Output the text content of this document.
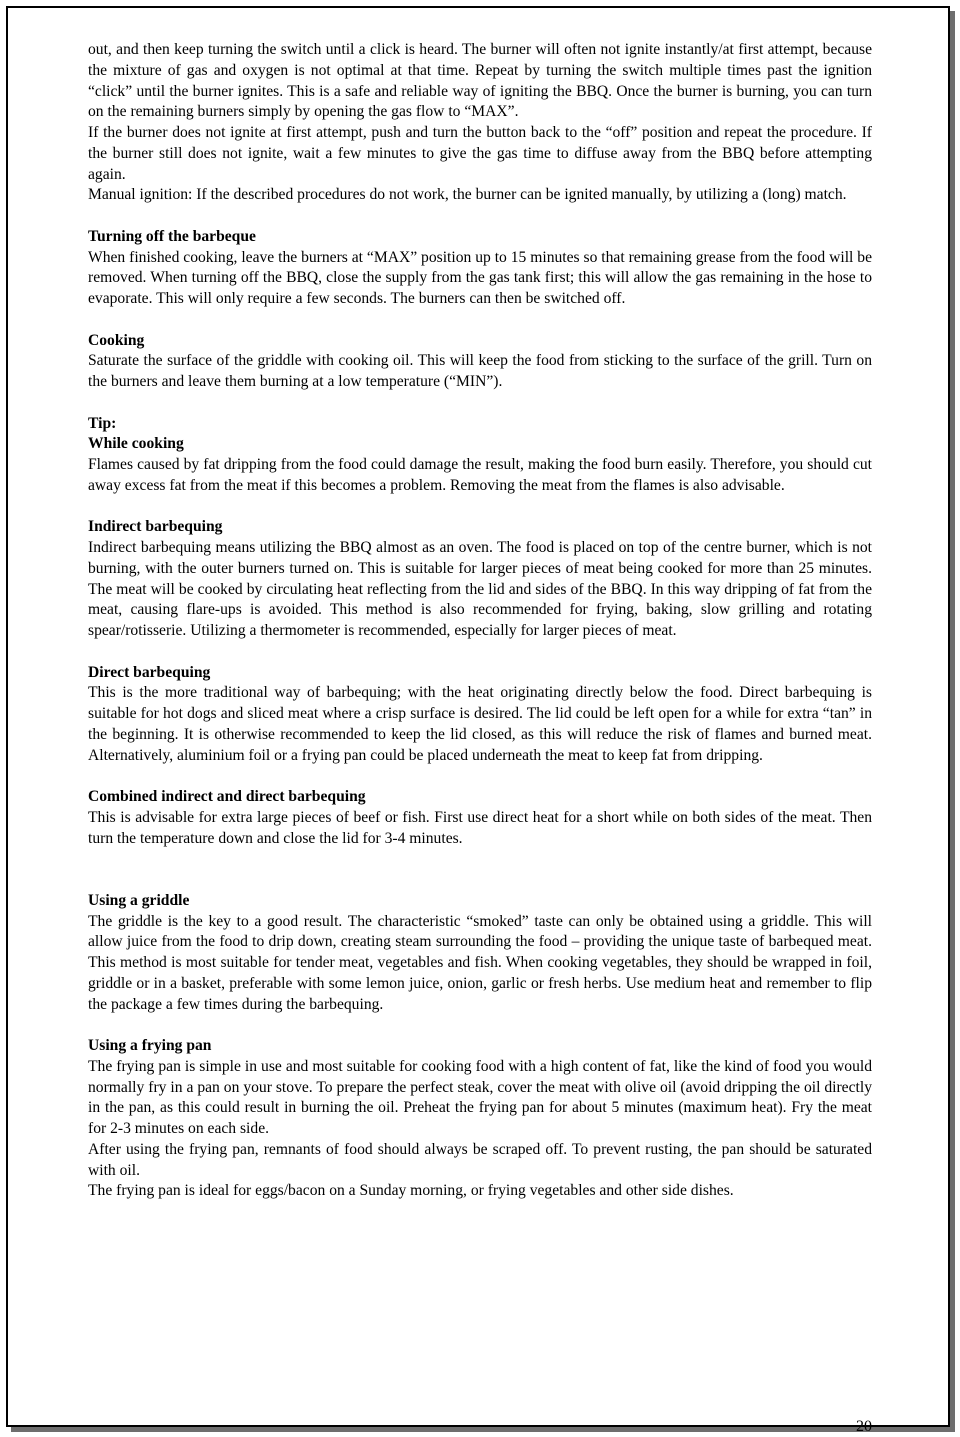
out, and then keep turning the switch until a click is heard. The burner will often not ignite instantly/at first attempt, because the mixture of gas and oxygen is not optimal at that time. Repeat by turning the switch multiple times past the ignition “click” until the burner ignites. This is a safe and reliable way of igniting the BBQ. Once the burner is burning, you can turn on the remaining burners simply by opening the gas flow to “MAX”.

If the burner does not ignite at first attempt, push and turn the button back to the “off” position and repeat the procedure. If the burner still does not ignite, wait a few minutes to give the gas time to diffuse away from the BBQ before attempting again.

Manual ignition: If the described procedures do not work, the burner can be ignited manually, by utilizing a (long) match.

Turning off the barbeque

When finished cooking, leave the burners at “MAX” position up to 15 minutes so that remaining grease from the food will be removed. When turning off the BBQ, close the supply from the gas tank first; this will allow the gas remaining in the hose to evaporate. This will only require a few seconds. The burners can then be switched off.

Cooking

Saturate the surface of the griddle with cooking oil. This will keep the food from sticking to the surface of the grill. Turn on the burners and leave them burning at a low temperature (“MIN”).

Tip:

While cooking

Flames caused by fat dripping from the food could damage the result, making the food burn easily. Therefore, you should cut away excess fat from the meat if this becomes a problem. Removing the meat from the flames is also advisable.

Indirect barbequing

Indirect barbequing means utilizing the BBQ almost as an oven. The food is placed on top of the centre burner, which is not burning, with the outer burners turned on. This is suitable for larger pieces of meat being cooked for more than 25 minutes. The meat will be cooked by circulating heat reflecting from the lid and sides of the BBQ. In this way dripping of fat from the meat, causing flare-ups is avoided. This method is also recommended for frying, baking, slow grilling and rotating spear/rotisserie. Utilizing a thermometer is recommended, especially for larger pieces of meat.

Direct barbequing

This is the more traditional way of barbequing; with the heat originating directly below the food. Direct barbequing is suitable for hot dogs and sliced meat where a crisp surface is desired. The lid could be left open for a while for extra “tan” in the beginning. It is otherwise recommended to keep the lid closed, as this will reduce the risk of flames and burned meat. Alternatively, aluminium foil or a frying pan could be placed underneath the meat to keep fat from dripping.

Combined indirect and direct barbequing

This is advisable for extra large pieces of beef or fish. First use direct heat for a short while on both sides of the meat. Then turn the temperature down and close the lid for 3-4 minutes.

Using a griddle

The griddle is the key to a good result. The characteristic “smoked” taste can only be obtained using a griddle. This will allow juice from the food to drip down, creating steam surrounding the food – providing the unique taste of barbequed meat. This method is most suitable for tender meat, vegetables and fish. When cooking vegetables, they should be wrapped in foil, griddle or in a basket, preferable with some lemon juice, onion, garlic or fresh herbs. Use medium heat and remember to flip the package a few times during the barbequing.

Using a frying pan

The frying pan is simple in use and most suitable for cooking food with a high content of fat, like the kind of food you would normally fry in a pan on your stove. To prepare the perfect steak, cover the meat with olive oil (avoid dripping the oil directly in the pan, as this could result in burning the oil. Preheat the frying pan for about 5 minutes (maximum heat). Fry the meat for 2-3 minutes on each side.

After using the frying pan, remnants of food should always be scraped off. To prevent rusting, the pan should be saturated with oil.

The frying pan is ideal for eggs/bacon on a Sunday morning, or frying vegetables and other side dishes.

20
